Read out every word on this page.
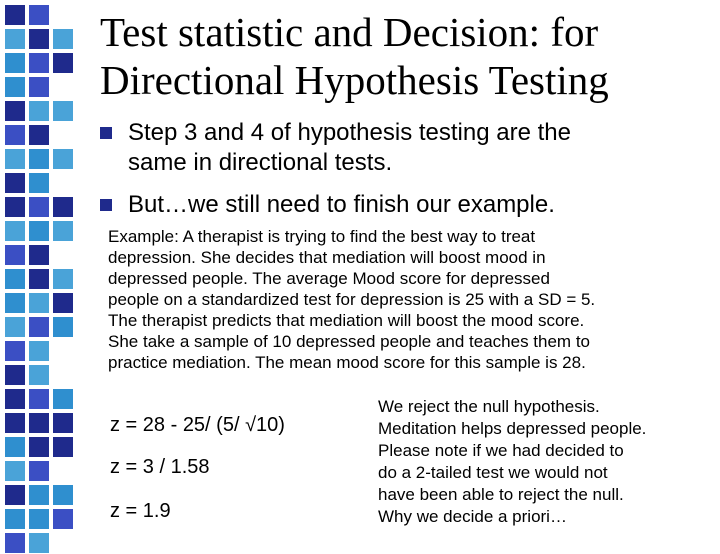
Test statistic and Decision: for
Directional Hypothesis Testing
Step 3 and 4 of hypothesis testing are the
same in directional tests.
But…we still need to finish our example.
Example: A therapist is trying to find the best way to treat
depression. She decides that mediation will boost mood in
depressed people. The average Mood score for depressed
people on a standardized test for depression is 25 with a SD = 5.
The therapist predicts that mediation will boost the mood score.
She take a sample of 10 depressed people and teaches them to
practice mediation. The mean mood score for this sample is 28.
z = 28 - 25/ (5/ √10)
z = 3 / 1.58
z = 1.9
We reject the null hypothesis.
Meditation helps depressed people.
Please note if we had decided to
do a 2-tailed test we would not
have been able to reject the null.
Why we decide a priori…
